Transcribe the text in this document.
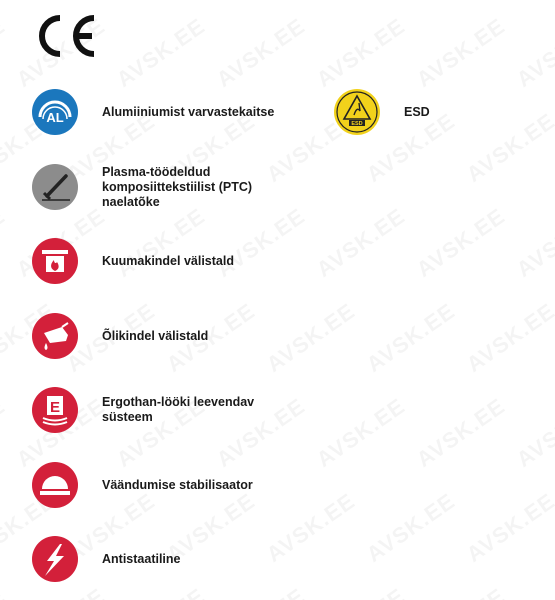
AL	Alumiiniumist varvastekaitse
ESD
ESD
Plasma-töödeldud
komposiittekstiilist (PTC)
naelatõke
Kuumakindel välistald
Õlikindel välistald
E	Ergothan-lööki leevendav
süsteem
Väändumise stabilisaator
Antistaatiline
